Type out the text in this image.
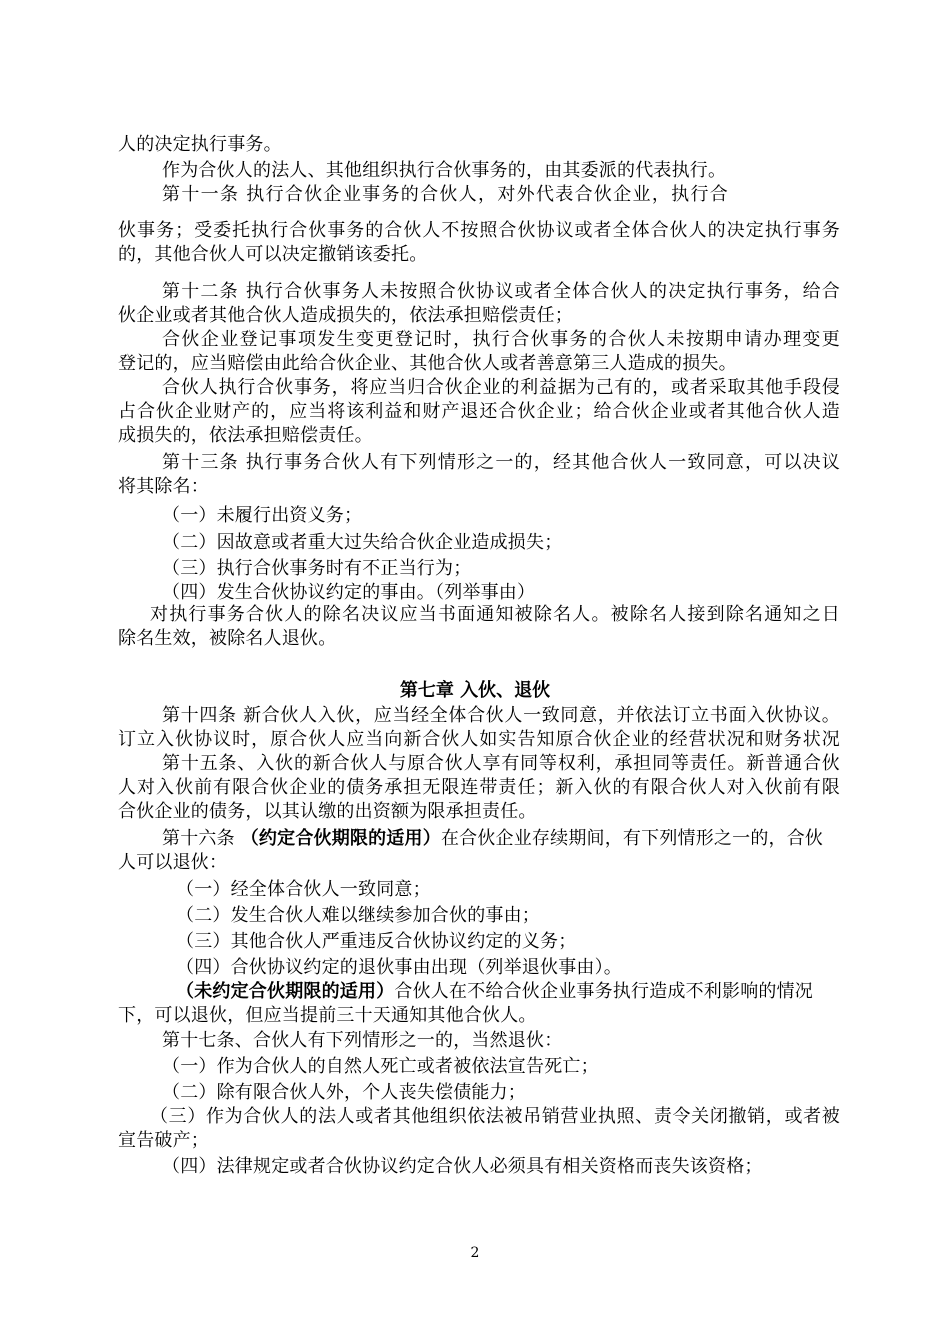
人的决定执行事务。
作为合伙人的法人、其他组织执行合伙事务的，由其委派的代表执行。
第十一条 执行合伙企业事务的合伙人，对外代表合伙企业，执行合
伙事务；受委托执行合伙事务的合伙人不按照合伙协议或者全体合伙人的决定执行事务
的，其他合伙人可以决定撤销该委托。
第十二条 执行合伙事务人未按照合伙协议或者全体合伙人的决定执行事务，给合
伙企业或者其他合伙人造成损失的，依法承担赔偿责任；
合伙企业登记事项发生变更登记时，执行合伙事务的合伙人未按期申请办理变更
登记的，应当赔偿由此给合伙企业、其他合伙人或者善意第三人造成的损失。
合伙人执行合伙事务，将应当归合伙企业的利益据为己有的，或者采取其他手段侵
占合伙企业财产的，应当将该利益和财产退还合伙企业；给合伙企业或者其他合伙人造
成损失的，依法承担赔偿责任。
第十三条 执行事务合伙人有下列情形之一的，经其他合伙人一致同意，可以决议
将其除名：
（一）未履行出资义务；
（二）因故意或者重大过失给合伙企业造成损失；
（三）执行合伙事务时有不正当行为；
（四）发生合伙协议约定的事由。（列举事由）
对执行事务合伙人的除名决议应当书面通知被除名人。被除名人接到除名通知之日
除名生效，被除名人退伙。
第七章 入伙、退伙
第十四条 新合伙人入伙，应当经全体合伙人一致同意，并依法订立书面入伙协议。
订立入伙协议时，原合伙人应当向新合伙人如实告知原合伙企业的经营状况和财务状况
第十五条、入伙的新合伙人与原合伙人享有同等权利，承担同等责任。新普通合伙
人对入伙前有限合伙企业的债务承担无限连带责任；新入伙的有限合伙人对入伙前有限
合伙企业的债务，以其认缴的出资额为限承担责任。
第十六条 （约定合伙期限的适用）在合伙企业存续期间，有下列情形之一的，合伙
人可以退伙：
（一）经全体合伙人一致同意；
（二）发生合伙人难以继续参加合伙的事由；
（三）其他合伙人严重违反合伙协议约定的义务；
（四）合伙协议约定的退伙事由出现（列举退伙事由）。
（未约定合伙期限的适用）合伙人在不给合伙企业事务执行造成不利影响的情况
下，可以退伙，但应当提前三十天通知其他合伙人。
第十七条、合伙人有下列情形之一的，当然退伙：
（一）作为合伙人的自然人死亡或者被依法宣告死亡；
（二）除有限合伙人外，个人丧失偿债能力；
（三）作为合伙人的法人或者其他组织依法被吊销营业执照、责令关闭撤销，或者被
宣告破产；
（四）法律规定或者合伙协议约定合伙人必须具有相关资格而丧失该资格；
2
